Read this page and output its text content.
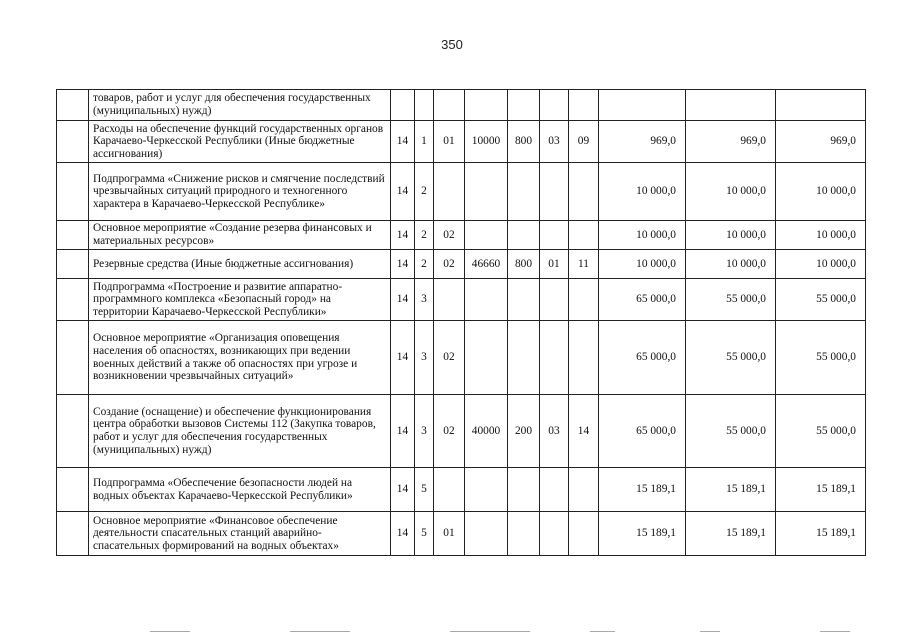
350
	товаров, работ и услуг для обеспечения государственных (муниципальных) нужд)										
	Расходы на обеспечение функций государственных органов Карачаево-Черкесской Республики (Иные бюджетные ассигнования)	14	1	01	10000	800	03	09	969,0	969,0	969,0
	Подпрограмма «Снижение рисков и смягчение последствий чрезвычайных ситуаций природного и техногенного характера в Карачаево-Черкесской Республике»	14	2						10 000,0	10 000,0	10 000,0
	Основное мероприятие «Создание резерва финансовых и материальных ресурсов»	14	2	02					10 000,0	10 000,0	10 000,0
	Резервные средства (Иные бюджетные ассигнования)	14	2	02	46660	800	01	11	10 000,0	10 000,0	10 000,0
	Подпрограмма «Построение и развитие аппаратно-программного комплекса «Безопасный город» на территории Карачаево-Черкесской Республики»	14	3						65 000,0	55 000,0	55 000,0
	Основное мероприятие «Организация оповещения населения об опасностях, возникающих при ведении военных действий а также об опасностях при угрозе и возникновении чрезвычайных ситуаций»	14	3	02					65 000,0	55 000,0	55 000,0
	Создание (оснащение) и обеспечение функционирования центра обработки вызовов Системы 112 (Закупка товаров, работ и услуг для обеспечения государственных (муниципальных) нужд)	14	3	02	40000	200	03	14	65 000,0	55 000,0	55 000,0
	Подпрограмма «Обеспечение безопасности людей на водных объектах Карачаево-Черкесской Республики»	14	5						15 189,1	15 189,1	15 189,1
	Основное мероприятие «Финансовое обеспечение деятельности спасательных станций аварийно-спасательных формирований на водных объектах»	14	5	01					15 189,1	15 189,1	15 189,1
